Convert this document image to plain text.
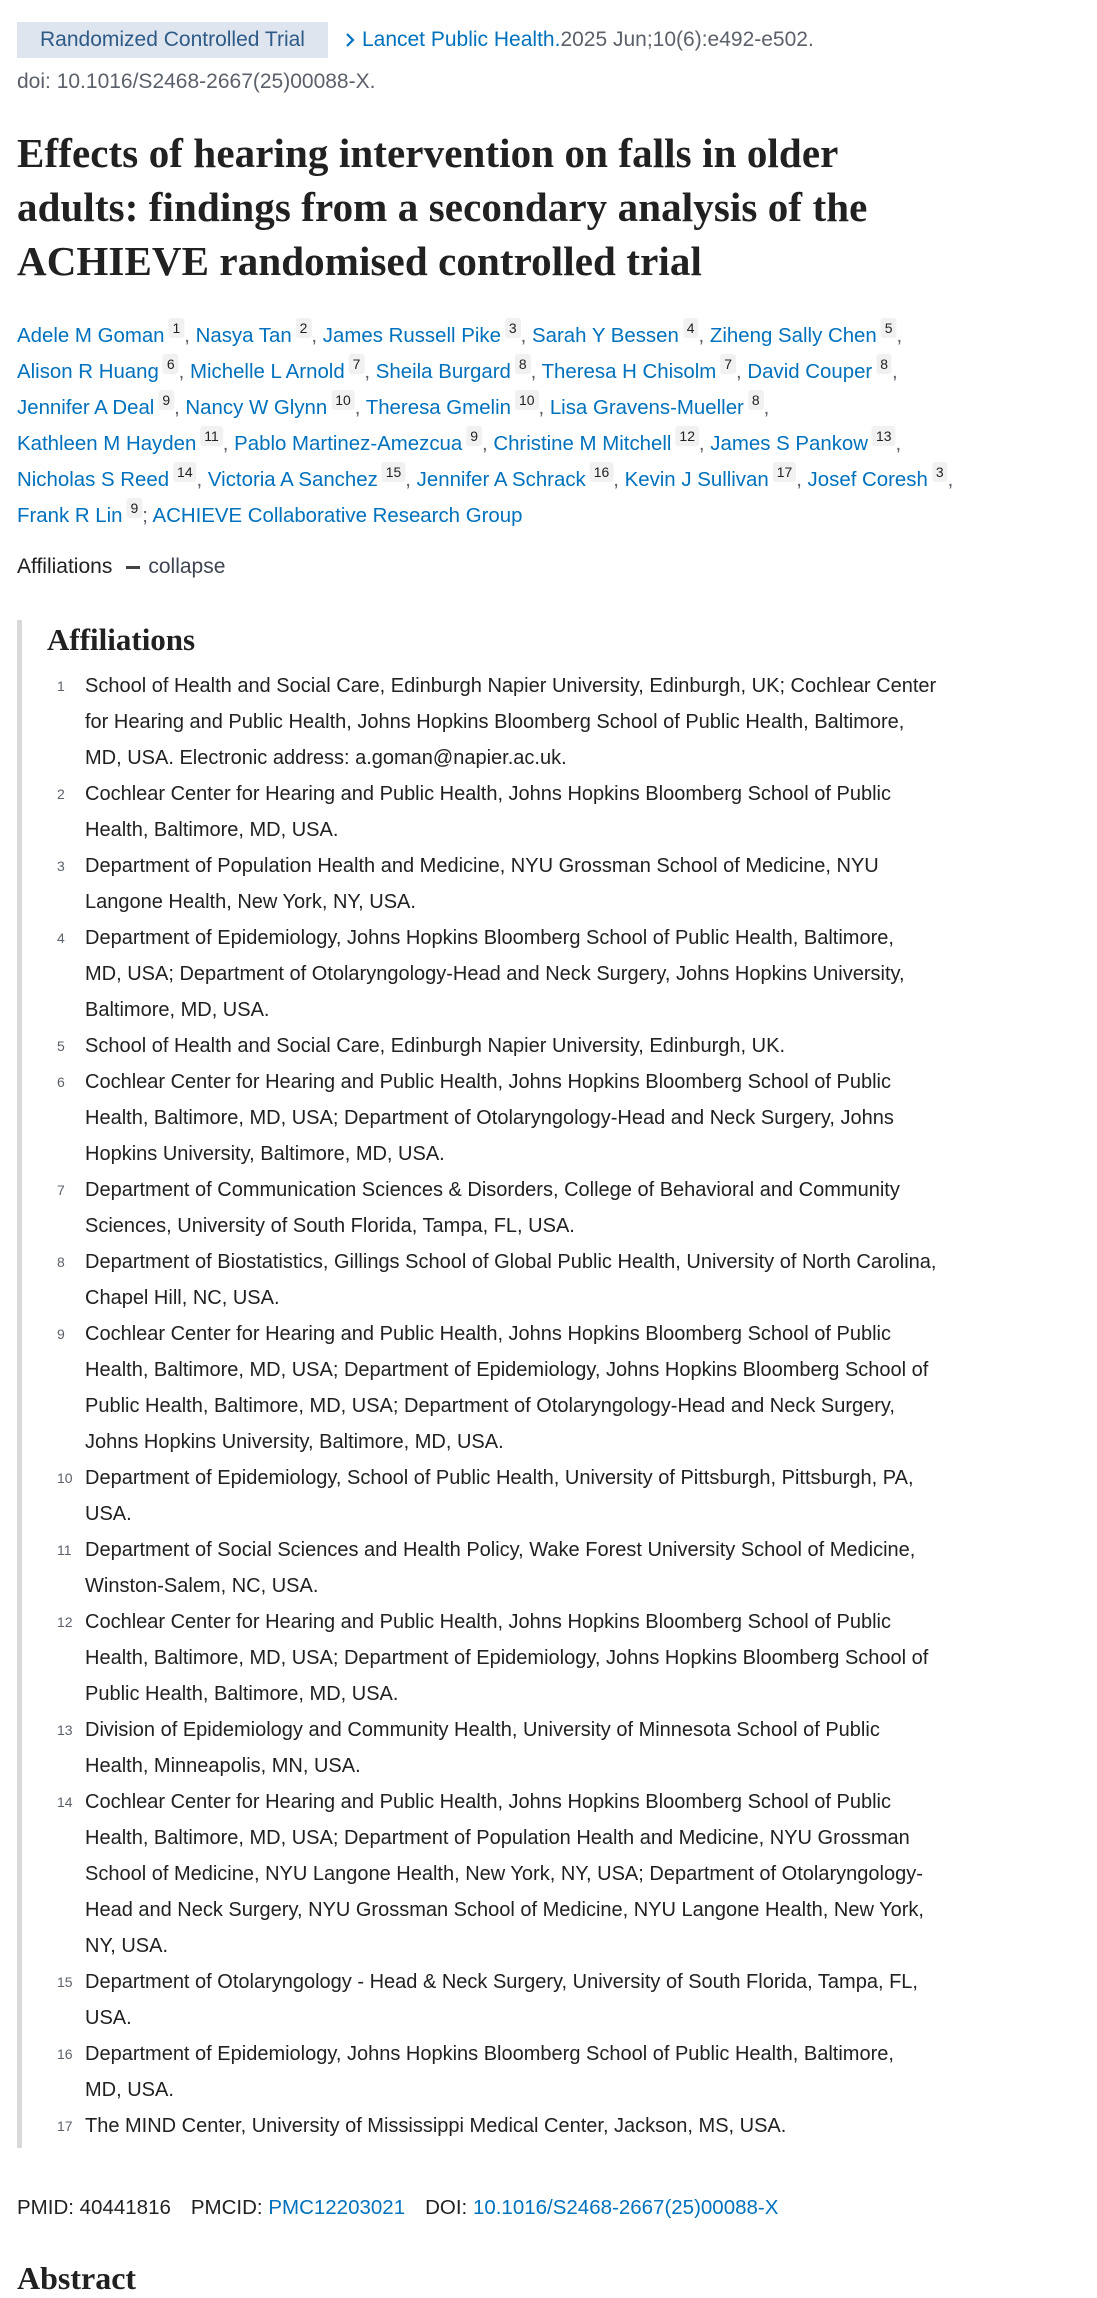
Randomized Controlled Trial	Lancet Public Health. 2025 Jun;10(6):e492-e502.
doi: 10.1016/S2468-2667(25)00088-X.
Effects of hearing intervention on falls in older
adults: findings from a secondary analysis of the
ACHIEVE randomised controlled trial
Adele M Goman 1 , Nasya Tan 2 , James Russell Pike 3 , Sarah Y Bessen 4 , Ziheng Sally Chen 5 ,
Alison R Huang 6 , Michelle L Arnold 7 , Sheila Burgard 8 , Theresa H Chisolm 7 , David Couper 8 ,
Jennifer A Deal 9 , Nancy W Glynn 10 , Theresa Gmelin 10 , Lisa Gravens-Mueller 8 ,
Kathleen M Hayden 11 , Pablo Martinez-Amezcua 9 , Christine M Mitchell 12 , James S Pankow 13 ,
Nicholas S Reed 14 , Victoria A Sanchez 15 , Jennifer A Schrack 16 , Kevin J Sullivan 17 , Josef Coresh 3 ,
Frank R Lin 9 ; ACHIEVE Collaborative Research Group
Affiliations collapse
Affiliations
1	School of Health and Social Care, Edinburgh Napier University, Edinburgh, UK; Cochlear Center
for Hearing and Public Health, Johns Hopkins Bloomberg School of Public Health, Baltimore,
MD, USA. Electronic address: a.goman@napier.ac.uk.
2	Cochlear Center for Hearing and Public Health, Johns Hopkins Bloomberg School of Public
Health, Baltimore, MD, USA.
3	Department of Population Health and Medicine, NYU Grossman School of Medicine, NYU
Langone Health, New York, NY, USA.
4	Department of Epidemiology, Johns Hopkins Bloomberg School of Public Health, Baltimore,
MD, USA; Department of Otolaryngology-Head and Neck Surgery, Johns Hopkins University,
Baltimore, MD, USA.
5	School of Health and Social Care, Edinburgh Napier University, Edinburgh, UK.
6	Cochlear Center for Hearing and Public Health, Johns Hopkins Bloomberg School of Public
Health, Baltimore, MD, USA; Department of Otolaryngology-Head and Neck Surgery, Johns
Hopkins University, Baltimore, MD, USA.
7	Department of Communication Sciences & Disorders, College of Behavioral and Community
Sciences, University of South Florida, Tampa, FL, USA.
8	Department of Biostatistics, Gillings School of Global Public Health, University of North Carolina,
Chapel Hill, NC, USA.
9	Cochlear Center for Hearing and Public Health, Johns Hopkins Bloomberg School of Public
Health, Baltimore, MD, USA; Department of Epidemiology, Johns Hopkins Bloomberg School of
Public Health, Baltimore, MD, USA; Department of Otolaryngology-Head and Neck Surgery,
Johns Hopkins University, Baltimore, MD, USA.
10 Department of Epidemiology, School of Public Health, University of Pittsburgh, Pittsburgh, PA,
USA.
11 Department of Social Sciences and Health Policy, Wake Forest University School of Medicine,
Winston-Salem, NC, USA.
12 Cochlear Center for Hearing and Public Health, Johns Hopkins Bloomberg School of Public
Health, Baltimore, MD, USA; Department of Epidemiology, Johns Hopkins Bloomberg School of
Public Health, Baltimore, MD, USA.
13 Division of Epidemiology and Community Health, University of Minnesota School of Public
Health, Minneapolis, MN, USA.
14 Cochlear Center for Hearing and Public Health, Johns Hopkins Bloomberg School of Public
Health, Baltimore, MD, USA; Department of Population Health and Medicine, NYU Grossman
School of Medicine, NYU Langone Health, New York, NY, USA; Department of Otolaryngology-
Head and Neck Surgery, NYU Grossman School of Medicine, NYU Langone Health, New York,
NY, USA.
15 Department of Otolaryngology - Head & Neck Surgery, University of South Florida, Tampa, FL,
USA.
16 Department of Epidemiology, Johns Hopkins Bloomberg School of Public Health, Baltimore,
MD, USA.
17 The MIND Center, University of Mississippi Medical Center, Jackson, MS, USA.
PMID: 40441816 PMCID: PMC12203021 DOI: 10.1016/S2468-2667(25)00088-X
Abstract
